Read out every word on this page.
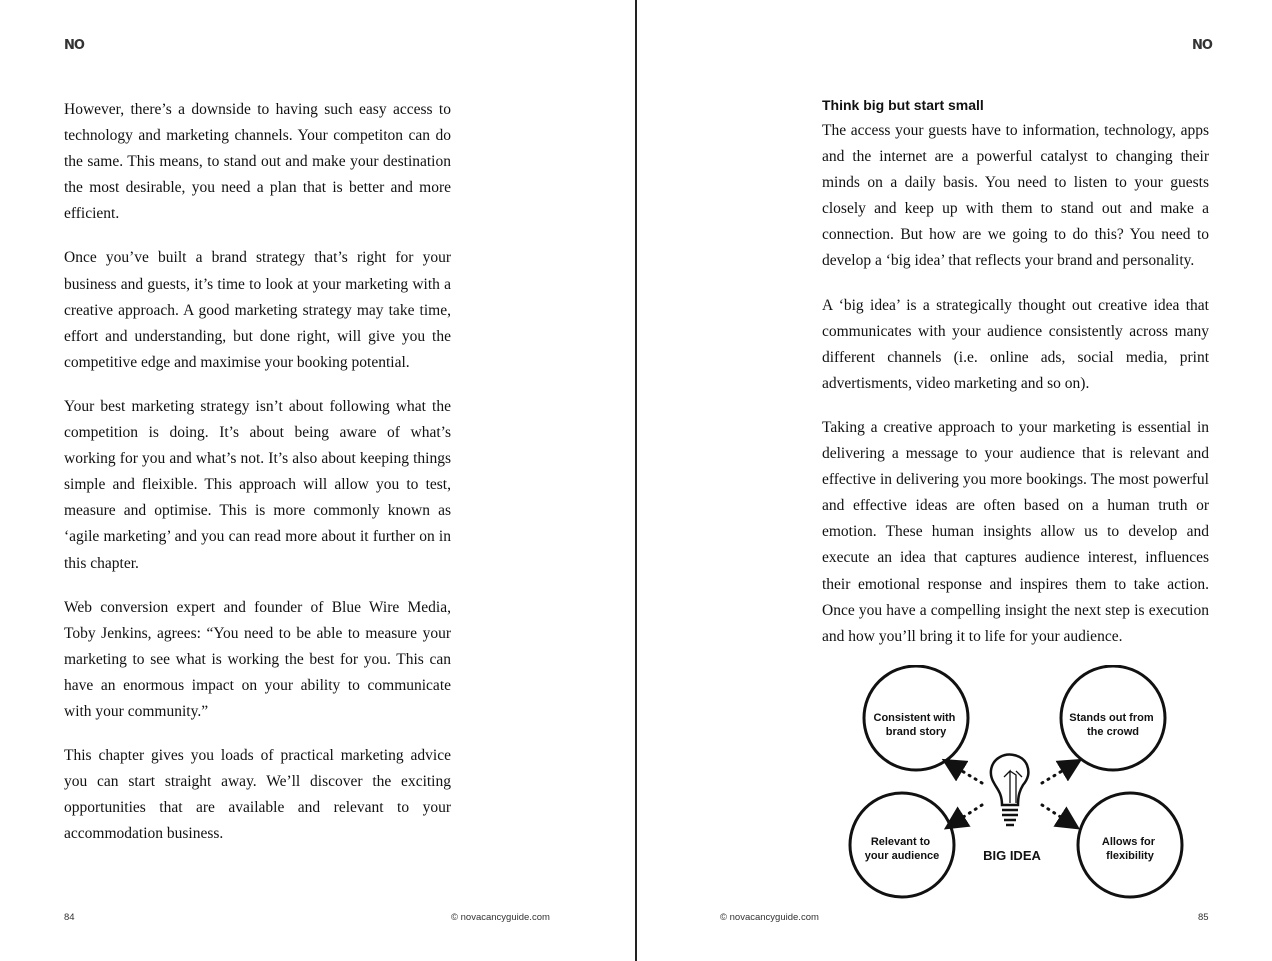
NO

However, there’s a downside to having such easy access to technology and marketing channels. Your competiton can do the same. This means, to stand out and make your destination the most desirable, you need a plan that is better and more efficient.

Once you’ve built a brand strategy that’s right for your business and guests, it’s time to look at your marketing with a creative approach. A good marketing strategy may take time, effort and understanding, but done right, will give you the competitive edge and maximise your booking potential.

Your best marketing strategy isn’t about following what the competition is doing. It’s about being aware of what’s working for you and what’s not. It’s also about keeping things simple and fleixible. This approach will allow you to test, measure and optimise. This is more commonly known as ‘agile marketing’ and you can read more about it further on in this chapter.

Web conversion expert and founder of Blue Wire Media, Toby Jenkins, agrees: “You need to be able to measure your marketing to see what is working the best for you. This can have an enormous impact on your ability to communicate with your community.”

This chapter gives you loads of practical marketing advice you can start straight away. We’ll discover the exciting opportunities that are available and relevant to your accommodation business.

84	© novacancyguide.com
NO
Think big but start small

The access your guests have to information, technology, apps and the internet are a powerful catalyst to changing their minds on a daily basis. You need to listen to your guests closely and keep up with them to stand out and make a connection. But how are we going to do this? You need to develop a ‘big idea’ that reflects your brand and personality.

A ‘big idea’ is a strategically thought out creative idea that communicates with your audience consistently across many different channels (i.e. online ads, social media, print advertisments, video marketing and so on).

Taking a creative approach to your marketing is essential in delivering a message to your audience that is relevant and effective in delivering you more bookings. The most powerful and effective ideas are often based on a human truth or emotion. These human insights allow us to develop and execute an idea that captures audience interest, influences their emotional response and inspires them to take action. Once you have a compelling insight the next step is execution and how you’ll bring it to life for your audience.

Consistent with brand story
Stands out from the crowd
Relevant to your audience
Allows for flexibility
BIG IDEA
© novacancyguide.com	85
